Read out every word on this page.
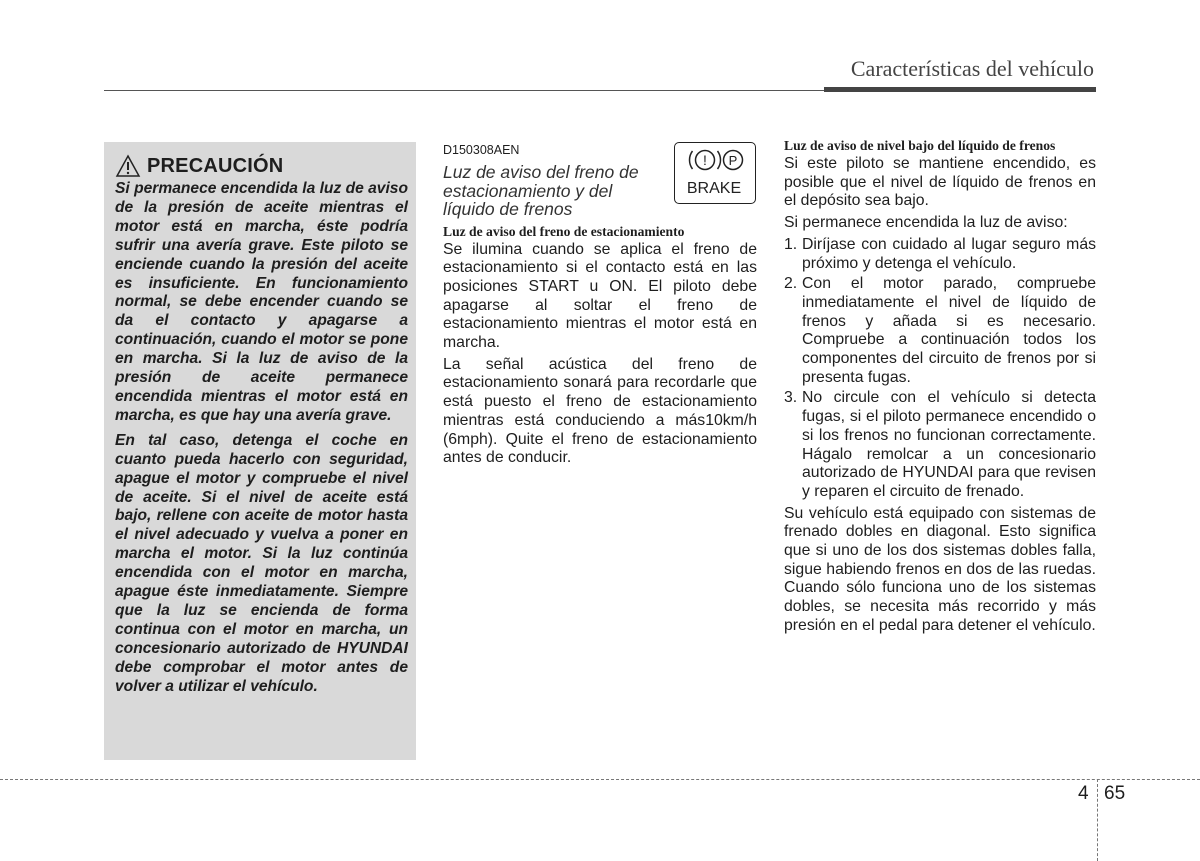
Características del vehículo
PRECAUCIÓN

Si permanece encendida la luz de aviso de la presión de aceite mientras el motor está en marcha, éste podría sufrir una avería grave. Este piloto se enciende cuando la presión del aceite es insuficiente. En funcionamiento normal, se debe encender cuando se da el contacto y apagarse a continuación, cuando el motor se pone en marcha. Si la luz de aviso de la presión de aceite permanece encendida mientras el motor está en marcha, es que hay una avería grave.

En tal caso, detenga el coche en cuanto pueda hacerlo con seguridad, apague el motor y compruebe el nivel de aceite. Si el nivel de aceite está bajo, rellene con aceite de motor hasta el nivel adecuado y vuelva a poner en marcha el motor. Si la luz continúa encendida con el motor en marcha, apague éste inmediatamente. Siempre que la luz se encienda de forma continua con el motor en marcha, un concesionario autorizado de HYUNDAI debe comprobar el motor antes de volver a utilizar el vehículo.

D150308AEN
Luz de aviso del freno de estacionamiento y del líquido de frenos
! P
BRAKE
Luz de aviso del freno de estacionamiento

Se ilumina cuando se aplica el freno de estacionamiento si el contacto está en las posiciones START u ON. El piloto debe apagarse al soltar el freno de estacionamiento mientras el motor está en marcha.

La señal acústica del freno de estacionamiento sonará para recordarle que está puesto el freno de estacionamiento mientras está conduciendo a más10km/h (6mph). Quite el freno de estacionamiento antes de conducir.

Luz de aviso de nivel bajo del líquido de frenos

Si este piloto se mantiene encendido, es posible que el nivel de líquido de frenos en el depósito sea bajo.

Si permanece encendida la luz de aviso:

1. Diríjase con cuidado al lugar seguro más próximo y detenga el vehículo.
2. Con el motor parado, compruebe inmediatamente el nivel de líquido de frenos y añada si es necesario. Compruebe a continuación todos los componentes del circuito de frenos por si presenta fugas.
3. No circule con el vehículo si detecta fugas, si el piloto permanece encendido o si los frenos no funcionan correctamente. Hágalo remolcar a un concesionario autorizado de HYUNDAI para que revisen y reparen el circuito de frenado.

Su vehículo está equipado con sistemas de frenado dobles en diagonal. Esto significa que si uno de los dos sistemas dobles falla, sigue habiendo frenos en dos de las ruedas. Cuando sólo funciona uno de los sistemas dobles, se necesita más recorrido y más presión en el pedal para detener el vehículo.

4 65
